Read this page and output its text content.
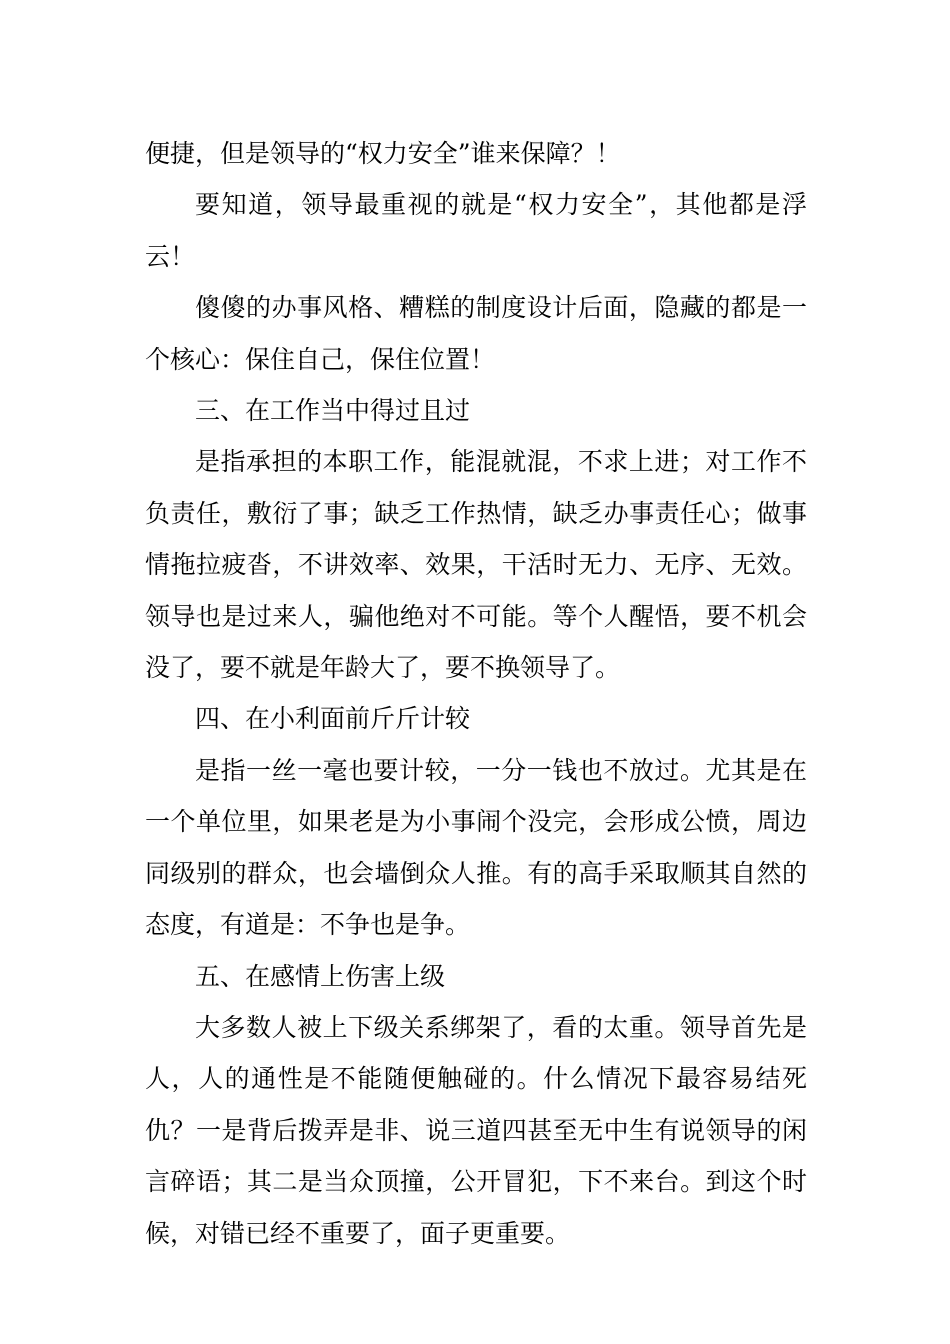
便捷，但是领导的“权力安全”谁来保障？！

要知道，领导最重视的就是“权力安全”，其他都是浮云！

傻傻的办事风格、糟糕的制度设计后面，隐藏的都是一个核心：保住自己，保住位置！

三、在工作当中得过且过

是指承担的本职工作，能混就混，不求上进；对工作不负责任，敷衍了事；缺乏工作热情，缺乏办事责任心；做事情拖拉疲沓，不讲效率、效果，干活时无力、无序、无效。领导也是过来人，骗他绝对不可能。等个人醒悟，要不机会没了，要不就是年龄大了，要不换领导了。

四、在小利面前斤斤计较

是指一丝一毫也要计较，一分一钱也不放过。尤其是在一个单位里，如果老是为小事闹个没完，会形成公愤，周边同级别的群众，也会墙倒众人推。有的高手采取顺其自然的态度，有道是：不争也是争。

五、在感情上伤害上级

大多数人被上下级关系绑架了，看的太重。领导首先是人，人的通性是不能随便触碰的。什么情况下最容易结死仇？一是背后拨弄是非、说三道四甚至无中生有说领导的闲言碎语；其二是当众顶撞，公开冒犯，下不来台。到这个时候，对错已经不重要了，面子更重要。
